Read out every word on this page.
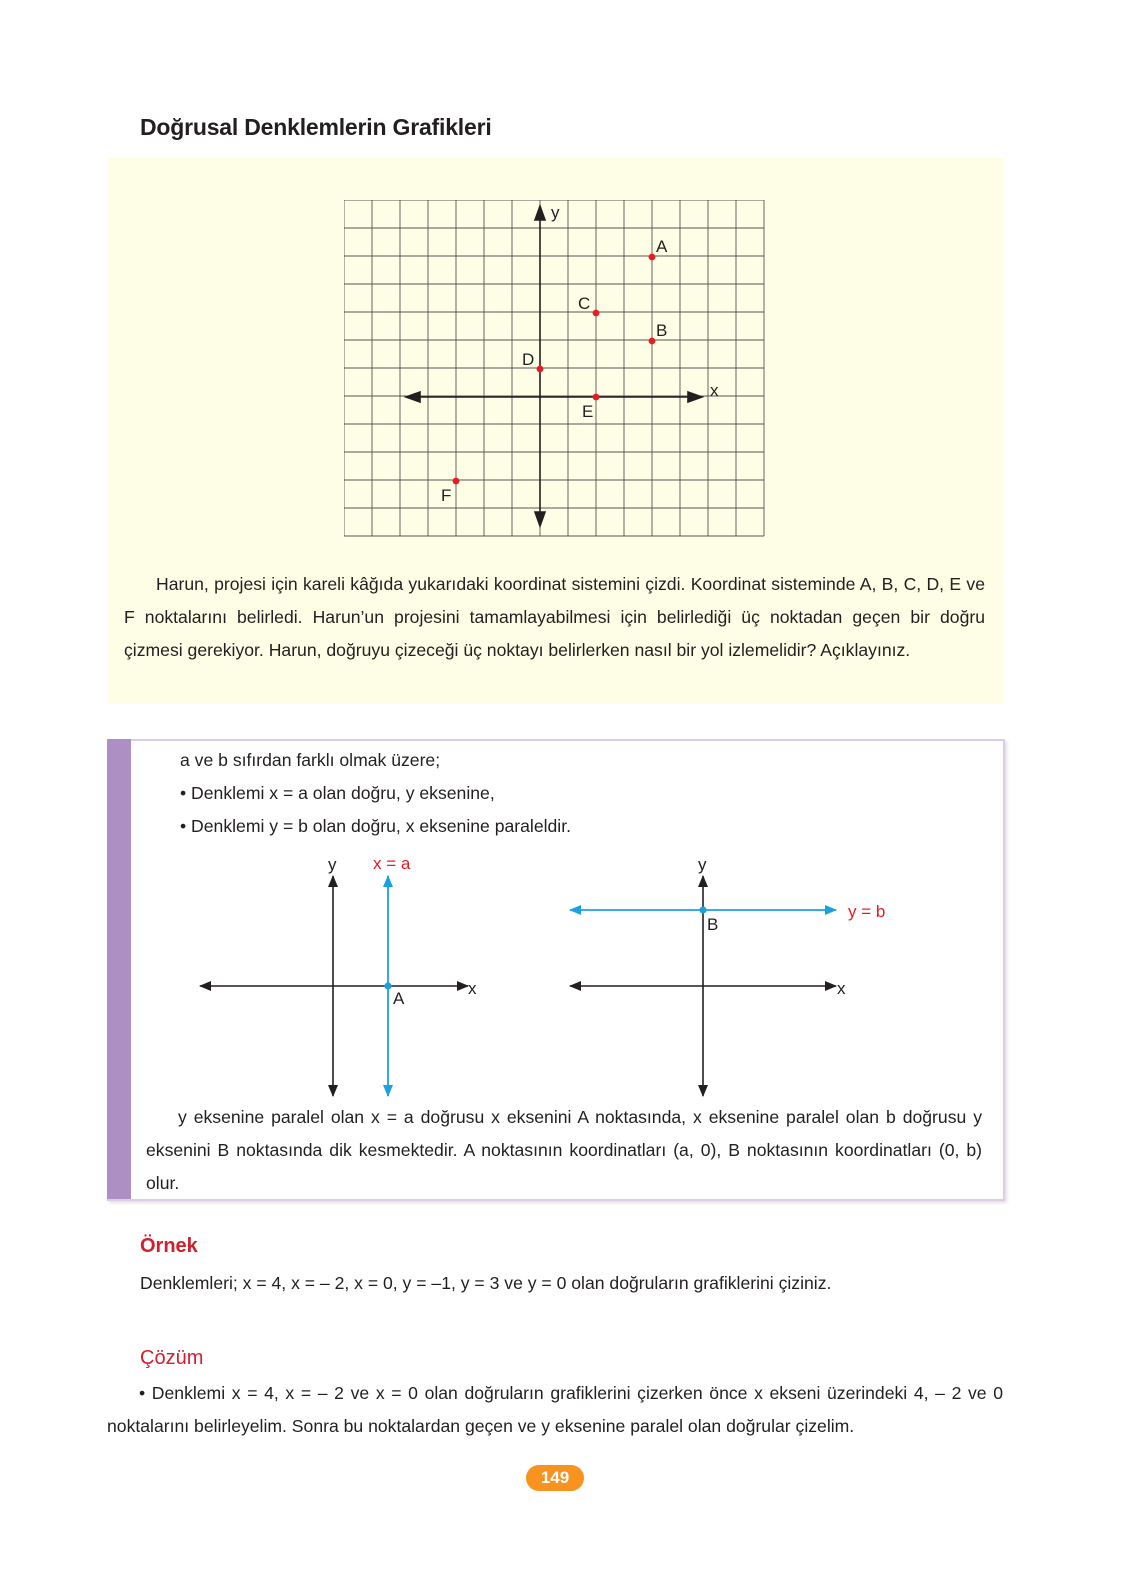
Doğrusal Denklemlerin Grafikleri
x
y
A
B
C
D
E
F
Harun, projesi için kareli kâğıda yukarıdaki koordinat sistemini çizdi. Koordinat sisteminde A, B, C, D, E ve F noktalarını belirledi. Harun’un projesini tamamlayabilmesi için belirlediği üç noktadan geçen bir doğru çizmesi gerekiyor. Harun, doğruyu çizeceği üç noktayı belirlerken nasıl bir yol izlemelidir? Açıklayınız.
a ve b sıfırdan farklı olmak üzere;
• Denklemi x = a olan doğru, y eksenine,
• Denklemi y = b olan doğru, x eksenine paraleldir.
y
x
x = a
A
y
x
y = b
B
y eksenine paralel olan x = a doğrusu x eksenini A noktasında, x eksenine paralel olan b doğrusu y eksenini B noktasında dik kesmektedir. A noktasının koordinatları (a, 0), B noktasının koordinatları (0, b) olur.
Örnek
Denklemleri; x = 4, x = – 2, x = 0, y = –1, y = 3 ve y = 0 olan doğruların grafiklerini çiziniz.
Çözüm
• Denklemi x = 4, x = – 2 ve x = 0 olan doğruların grafiklerini çizerken önce x ekseni üzerindeki 4, – 2 ve 0 noktalarını belirleyelim. Sonra bu noktalardan geçen ve y eksenine paralel olan doğrular çizelim.
149
